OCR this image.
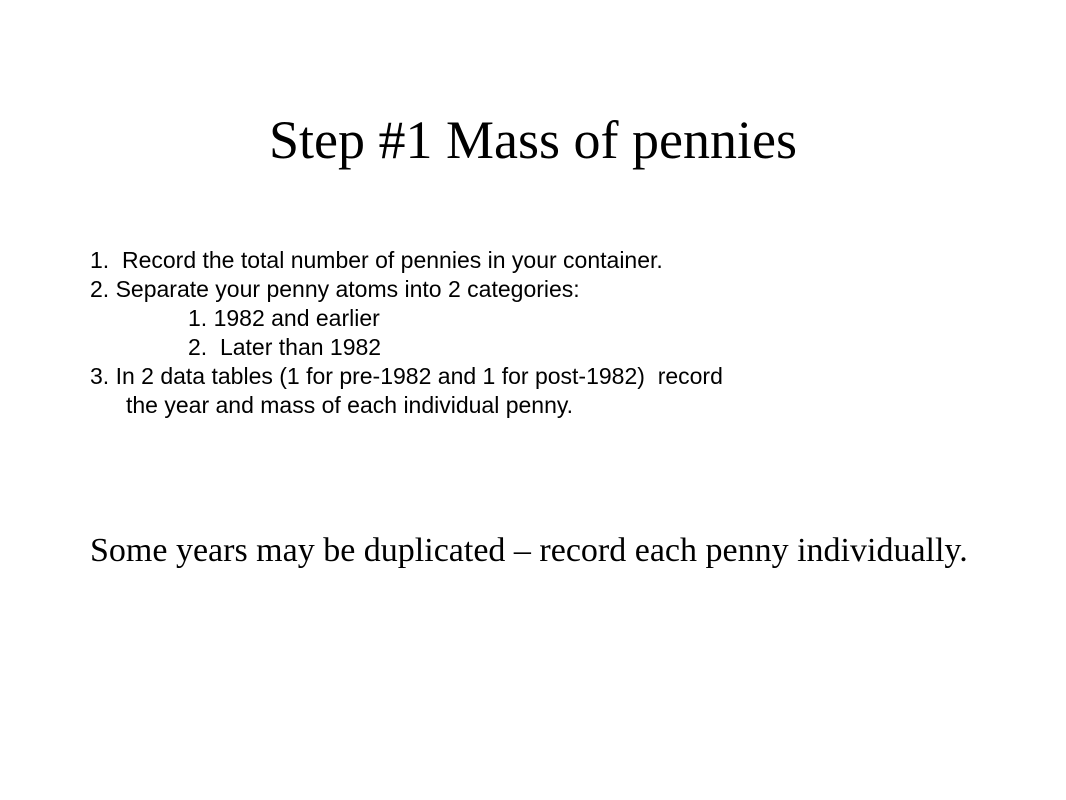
Step #1 Mass of pennies
1.  Record the total number of pennies in your container.
2. Separate your penny atoms into 2 categories:
1. 1982 and earlier
2.  Later than 1982
3. In 2 data tables (1 for pre-1982 and 1 for post-1982)  record
the year and mass of each individual penny.
Some years may be duplicated – record each penny individually.
